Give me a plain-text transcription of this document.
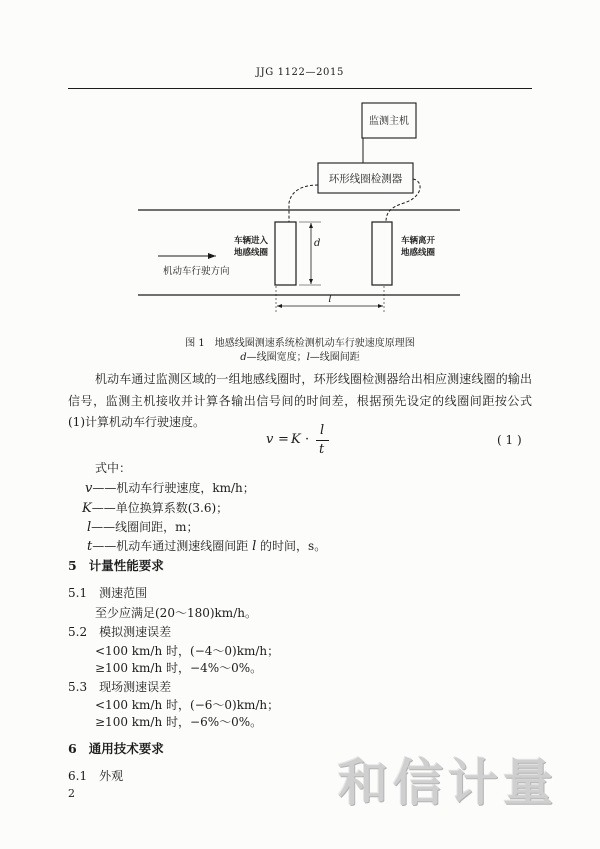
JJG 1122—2015
监测主机
环形线圈检测器
车辆进入
地感线圈
车辆离开
地感线圈
d
机动车行驶方向
l
图 1　地感线圈测速系统检测机动车行驶速度原理图
d—线圈宽度；l—线圈间距
机动车通过监测区域的一组地感线圈时，环形线圈检测器给出相应测速线圈的输出
信号，监测主机接收并计算各输出信号间的时间差，根据预先设定的线圈间距按公式
(1)计算机动车行驶速度。
v = K ·
l
t
( 1 )
式中：
v——机动车行驶速度，km/h；
K——单位换算系数(3.6)；
l——线圈间距，m；
t——机动车通过测速线圈间距 l 的时间，s。
5 计量性能要求
5.1 测速范围
至少应满足(20～180)km/h。
5.2 模拟测速误差
<100 km/h 时，(−4～0)km/h；
≥100 km/h 时，−4%～0%。
5.3 现场测速误差
<100 km/h 时，(−6～0)km/h；
≥100 km/h 时，−6%～0%。
6 通用技术要求
6.1 外观
2	和信计量
